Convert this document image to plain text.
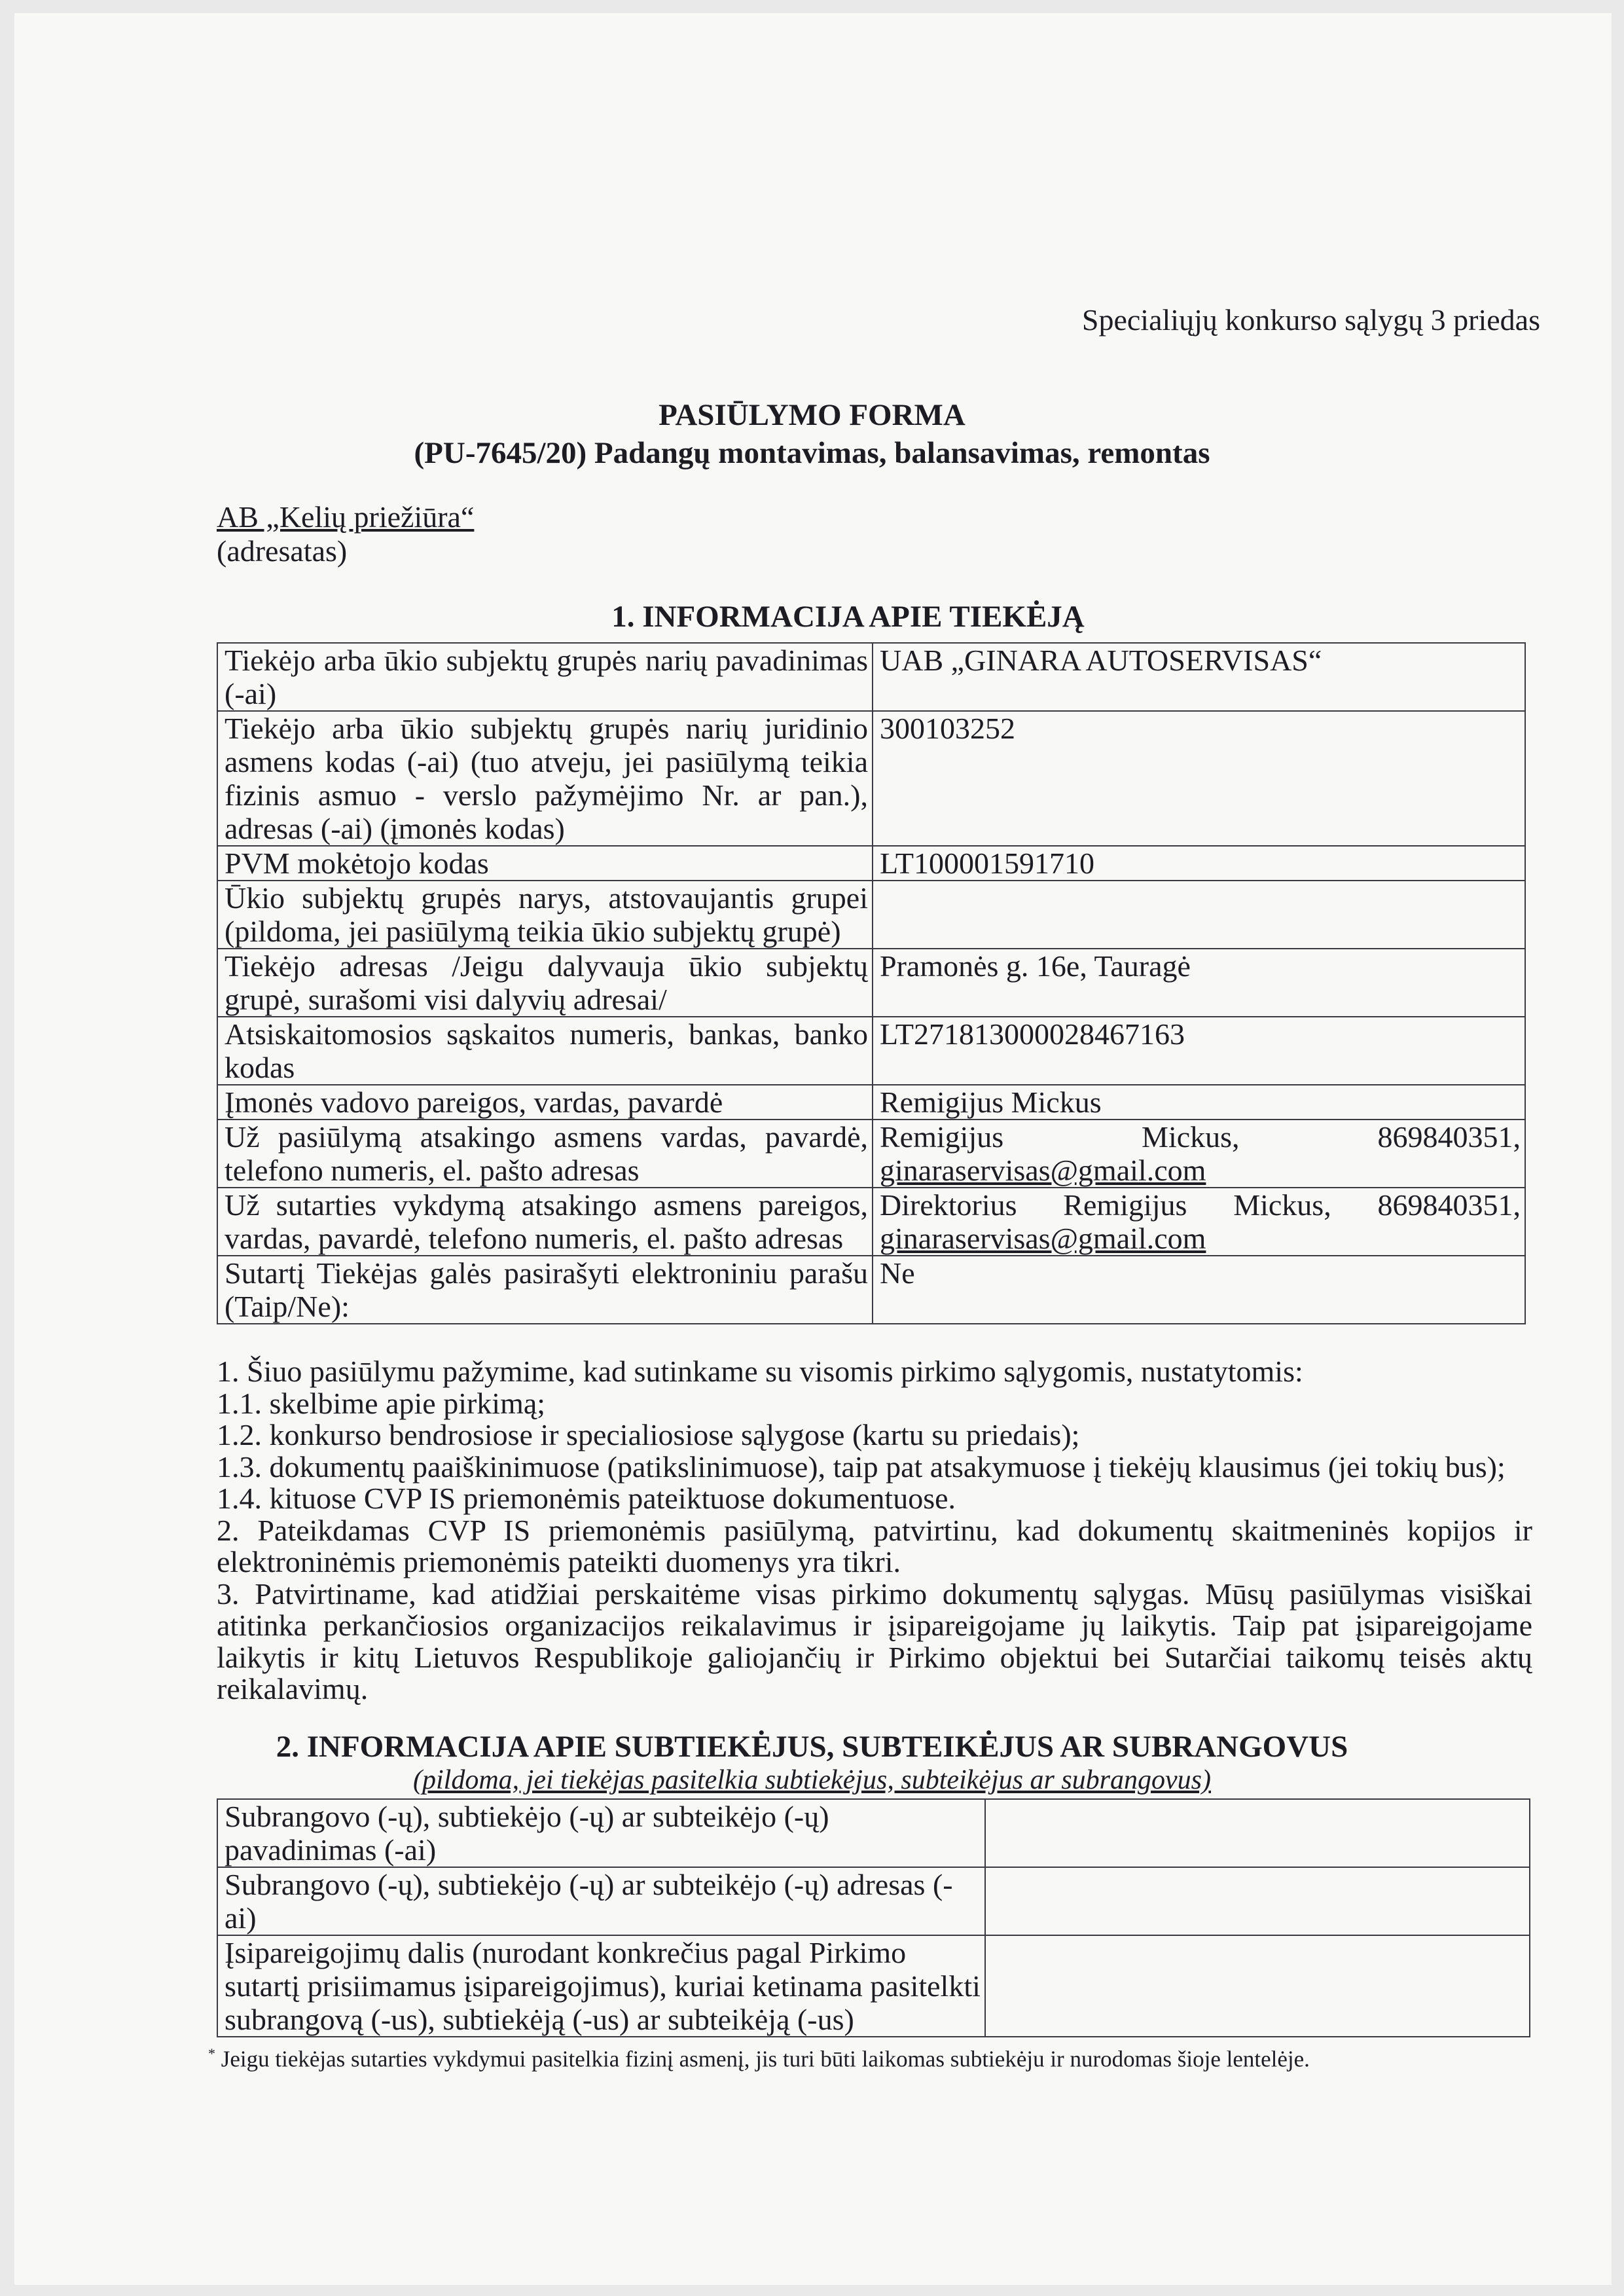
Specialiųjų konkurso sąlygų 3 priedas
PASIŪLYMO FORMA
(PU-7645/20) Padangų montavimas, balansavimas, remontas
AB „Kelių priežiūra“
(adresatas)
1. INFORMACIJA APIE TIEKĖJĄ
Tiekėjo arba ūkio subjektų grupės narių pavadinimas (-ai)	UAB „GINARA AUTOSERVISAS“

Tiekėjo arba ūkio subjektų grupės narių juridinio asmens kodas (-ai) (tuo atveju, jei pasiūlymą teikia fizinis asmuo - verslo pažymėjimo Nr. ar pan.), adresas (-ai) (įmonės kodas)	300103252

PVM mokėtojo kodas	LT100001591710

Ūkio subjektų grupės narys, atstovaujantis grupei (pildoma, jei pasiūlymą teikia ūkio subjektų grupė)	

Tiekėjo adresas /Jeigu dalyvauja ūkio subjektų grupė, surašomi visi dalyvių adresai/	Pramonės g. 16e, Tauragė

Atsiskaitomosios sąskaitos numeris, bankas, banko kodas	LT271813000028467163

Įmonės vadovo pareigos, vardas, pavardė	Remigijus Mickus

Už pasiūlymą atsakingo asmens vardas, pavardė, telefono numeris, el. pašto adresas	Remigijus Mickus, 869840351,
ginaraservisas@gmail.com

Už sutarties vykdymą atsakingo asmens pareigos, vardas, pavardė, telefono numeris, el. pašto adresas	Direktorius Remigijus Mickus, 869840351,
ginaraservisas@gmail.com

Sutartį Tiekėjas galės pasirašyti elektroniniu parašu (Taip/Ne):	Ne
1. Šiuo pasiūlymu pažymime, kad sutinkame su visomis pirkimo sąlygomis, nustatytomis:
1.1. skelbime apie pirkimą;
1.2. konkurso bendrosiose ir specialiosiose sąlygose (kartu su priedais);
1.3. dokumentų paaiškinimuose (patikslinimuose), taip pat atsakymuose į tiekėjų klausimus (jei tokių bus);
1.4. kituose CVP IS priemonėmis pateiktuose dokumentuose.
2. Pateikdamas CVP IS priemonėmis pasiūlymą, patvirtinu, kad dokumentų skaitmeninės kopijos ir elektroninėmis priemonėmis pateikti duomenys yra tikri.
3. Patvirtiname, kad atidžiai perskaitėme visas pirkimo dokumentų sąlygas. Mūsų pasiūlymas visiškai atitinka perkančiosios organizacijos reikalavimus ir įsipareigojame jų laikytis. Taip pat įsipareigojame laikytis ir kitų Lietuvos Respublikoje galiojančių ir Pirkimo objektui bei Sutarčiai taikomų teisės aktų reikalavimų.
2. INFORMACIJA APIE SUBTIEKĖJUS, SUBTEIKĖJUS AR SUBRANGOVUS
(pildoma, jei tiekėjas pasitelkia subtiekėjus, subteikėjus ar subrangovus)
Subrangovo (-ų), subtiekėjo (-ų) ar subteikėjo (-ų) pavadinimas (-ai)	
Subrangovo (-ų), subtiekėjo (-ų) ar subteikėjo (-ų) adresas (-ai)	
Įsipareigojimų dalis (nurodant konkrečius pagal Pirkimo sutartį prisiimamus įsipareigojimus), kuriai ketinama pasitelkti subrangovą (-us), subtiekėją (-us) ar subteikėją (-us)	
* Jeigu tiekėjas sutarties vykdymui pasitelkia fizinį asmenį, jis turi būti laikomas subtiekėju ir nurodomas šioje lentelėje.
